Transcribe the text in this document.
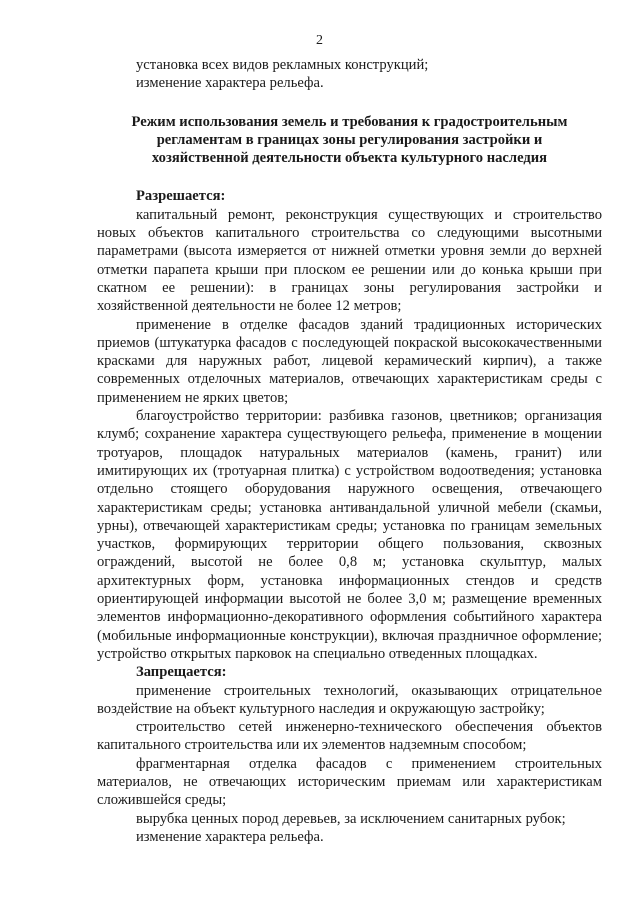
2

установка всех видов рекламных конструкций;

изменение характера рельефа.

Режим использования земель и требования к градостроительным регламентам в границах зоны регулирования застройки и хозяйственной деятельности объекта культурного наследия

Разрешается:

капитальный ремонт, реконструкция существующих и строительство новых объектов капитального строительства со следующими высотными параметрами (высота измеряется от нижней отметки уровня земли до верхней отметки парапета крыши при плоском ее решении или до конька крыши при скатном ее решении): в границах зоны регулирования застройки и хозяйственной деятельности не более 12 метров;

применение в отделке фасадов зданий традиционных исторических приемов (штукатурка фасадов с последующей покраской высококачественными красками для наружных работ, лицевой керамический кирпич), а также современных отделочных материалов, отвечающих характеристикам среды с применением не ярких цветов;

благоустройство территории: разбивка газонов, цветников; организация клумб; сохранение характера существующего рельефа, применение в мощении тротуаров, площадок натуральных материалов (камень, гранит) или имитирующих их (тротуарная плитка) с устройством водоотведения; установка отдельно стоящего оборудования наружного освещения, отвечающего характеристикам среды; установка антивандальной уличной мебели (скамьи, урны), отвечающей характеристикам среды; установка по границам земельных участков, формирующих территории общего пользования, сквозных ограждений, высотой не более 0,8 м; установка скульптур, малых архитектурных форм, установка информационных стендов и средств ориентирующей информации высотой не более 3,0 м; размещение временных элементов информационно-декоративного оформления событийного характера (мобильные информационные конструкции), включая праздничное оформление; устройство открытых парковок на специально отведенных площадках.

Запрещается:

применение строительных технологий, оказывающих отрицательное воздействие на объект культурного наследия и окружающую застройку;

строительство сетей инженерно-технического обеспечения объектов капитального строительства или их элементов надземным способом;

фрагментарная отделка фасадов с применением строительных материалов, не отвечающих историческим приемам или характеристикам сложившейся среды;

вырубка ценных пород деревьев, за исключением санитарных рубок;

изменение характера рельефа.
